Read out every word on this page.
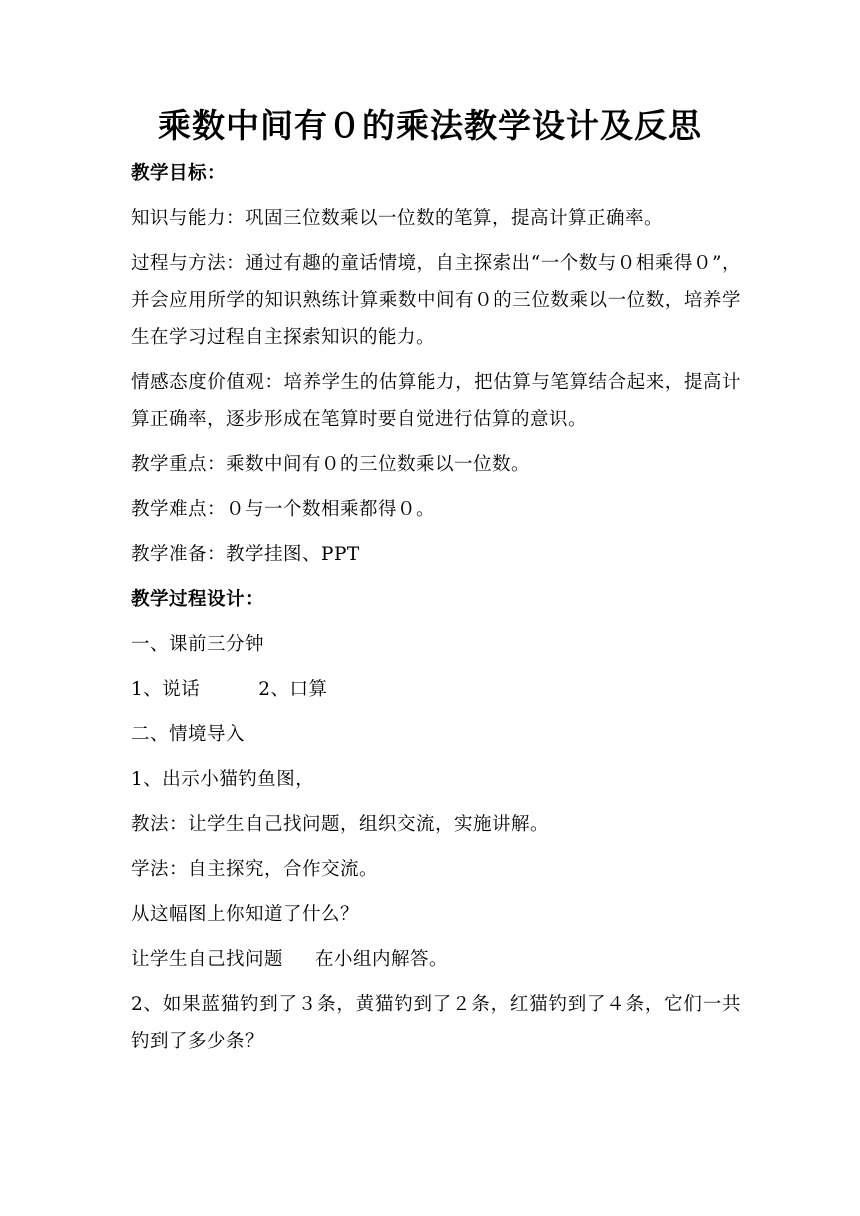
乘数中间有０的乘法教学设计及反思

教学目标：

知识与能力：巩固三位数乘以一位数的笔算，提高计算正确率。

过程与方法：通过有趣的童话情境，自主探索出“一个数与０相乘得０”，并会应用所学的知识熟练计算乘数中间有０的三位数乘以一位数，培养学生在学习过程自主探索知识的能力。

情感态度价值观：培养学生的估算能力，把估算与笔算结合起来，提高计算正确率，逐步形成在笔算时要自觉进行估算的意识。

教学重点：乘数中间有０的三位数乘以一位数。

教学难点：０与一个数相乘都得０。

教学准备：教学挂图、PPT

教学过程设计：

一、课前三分钟

1、说话	2、口算

二、情境导入

1、出示小猫钓鱼图，

教法：让学生自己找问题，组织交流，实施讲解。

学法：自主探究，合作交流。

从这幅图上你知道了什么？

让学生自己找问题 在小组内解答。

2、如果蓝猫钓到了３条，黄猫钓到了２条，红猫钓到了４条，它们一共钓到了多少条？
